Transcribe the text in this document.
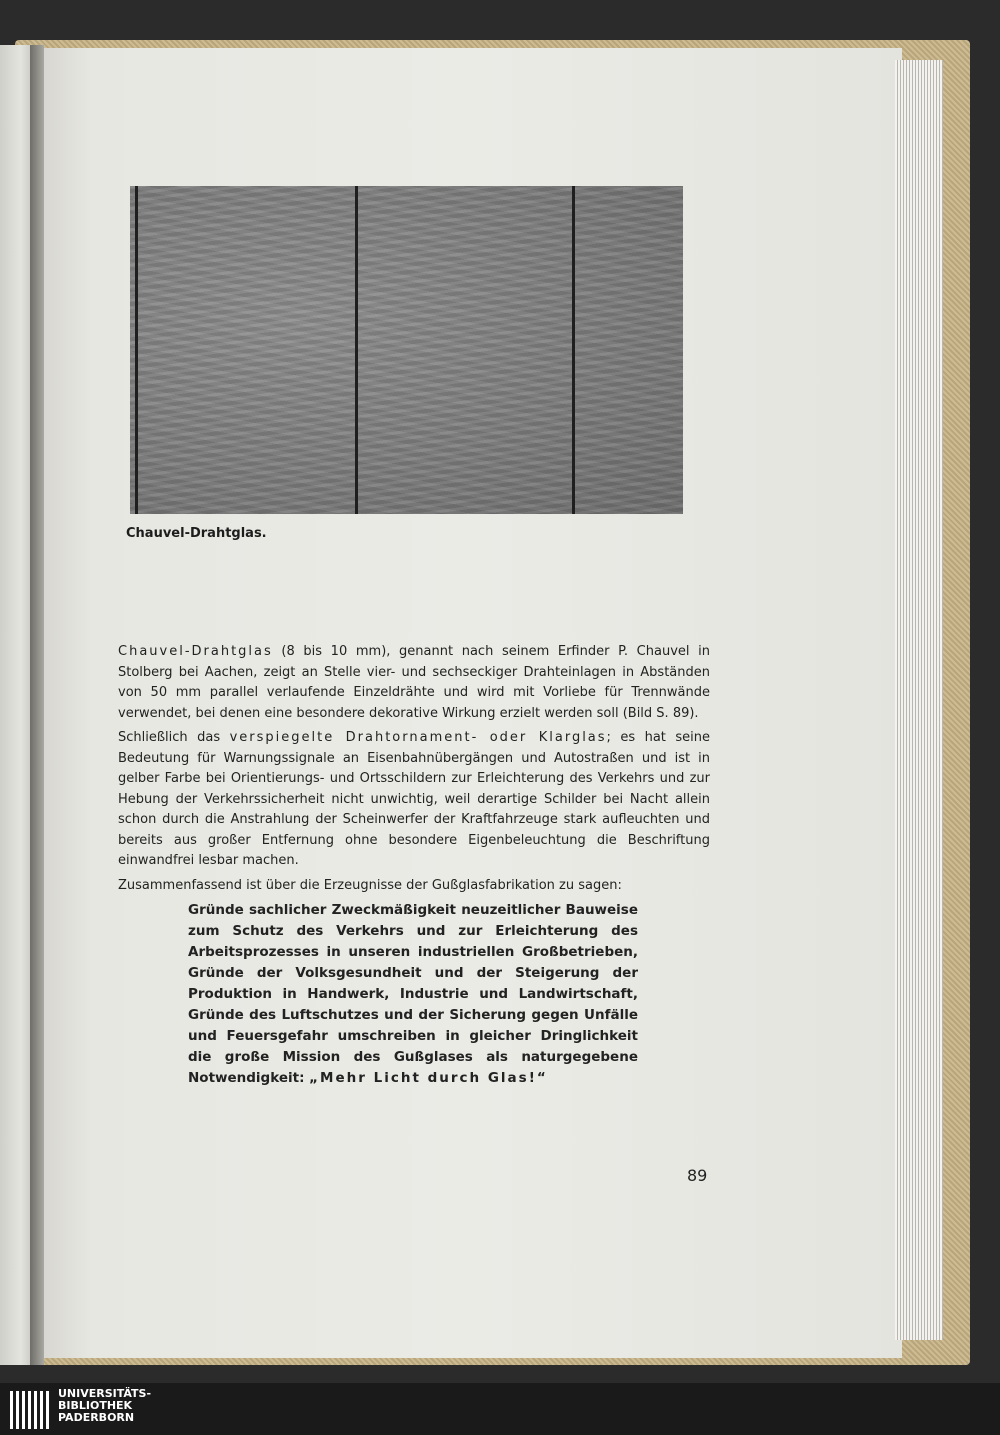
Chauvel-Drahtglas.

Chauvel-Drahtglas (8 bis 10 mm), genannt nach seinem Erfinder P. Chauvel in Stolberg bei Aachen, zeigt an Stelle vier- und sechseckiger Drahteinlagen in Abständen von 50 mm parallel verlaufende Einzeldrähte und wird mit Vorliebe für Trennwände verwendet, bei denen eine besondere dekorative Wirkung erzielt werden soll (Bild S. 89).

Schließlich das verspiegelte Drahtornament- oder Klarglas; es hat seine Bedeutung für Warnungssignale an Eisenbahnübergängen und Autostraßen und ist in gelber Farbe bei Orientierungs- und Ortsschildern zur Erleichterung des Verkehrs und zur Hebung der Verkehrssicherheit nicht unwichtig, weil derartige Schilder bei Nacht allein schon durch die Anstrahlung der Scheinwerfer der Kraftfahrzeuge stark aufleuchten und bereits aus großer Entfernung ohne besondere Eigenbeleuchtung die Beschriftung einwandfrei lesbar machen.

Zusammenfassend ist über die Erzeugnisse der Gußglasfabrikation zu sagen:

Gründe sachlicher Zweckmäßigkeit neuzeitlicher Bauweise zum Schutz des Verkehrs und zur Erleichterung des Arbeitsprozesses in unseren industriellen Großbetrieben, Gründe der Volksgesundheit und der Steigerung der Produktion in Handwerk, Industrie und Landwirtschaft, Gründe des Luftschutzes und der Sicherung gegen Unfälle und Feuersgefahr umschreiben in gleicher Dringlichkeit die große Mission des Gußglases als naturgegebene Notwendigkeit: „Mehr Licht durch Glas!“
89
UNIVERSITÄTS-
BIBLIOTHEK
PADERBORN
